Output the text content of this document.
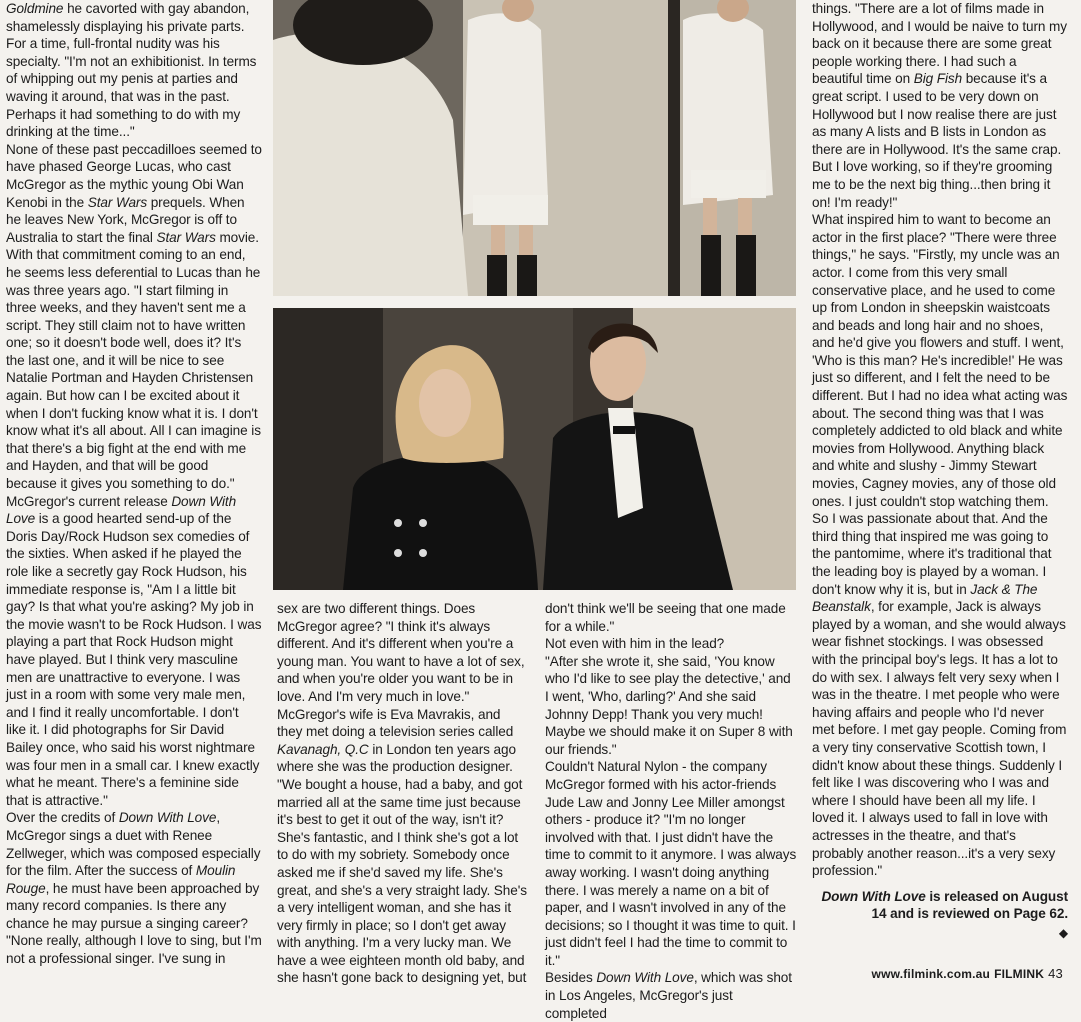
Goldmine he cavorted with gay abandon, shamelessly displaying his private parts. For a time, full-frontal nudity was his specialty. "I'm not an exhibitionist. In terms of whipping out my penis at parties and waving it around, that was in the past. Perhaps it had something to do with my drinking at the time..."

None of these past peccadilloes seemed to have phased George Lucas, who cast McGregor as the mythic young Obi Wan Kenobi in the Star Wars prequels. When he leaves New York, McGregor is off to Australia to start the final Star Wars movie. With that commitment coming to an end, he seems less deferential to Lucas than he was three years ago. "I start filming in three weeks, and they haven't sent me a script. They still claim not to have written one; so it doesn't bode well, does it? It's the last one, and it will be nice to see Natalie Portman and Hayden Christensen again. But how can I be excited about it when I don't fucking know what it is. I don't know what it's all about. All I can imagine is that there's a big fight at the end with me and Hayden, and that will be good because it gives you something to do."

McGregor's current release Down With Love is a good hearted send-up of the Doris Day/Rock Hudson sex comedies of the sixties. When asked if he played the role like a secretly gay Rock Hudson, his immediate response is, "Am I a little bit gay? Is that what you're asking? My job in the movie wasn't to be Rock Hudson. I was playing a part that Rock Hudson might have played. But I think very masculine men are unattractive to everyone. I was just in a room with some very male men, and I find it really uncomfortable. I don't like it. I did photographs for Sir David Bailey once, who said his worst nightmare was four men in a small car. I knew exactly what he meant. There's a feminine side that is attractive."

Over the credits of Down With Love, McGregor sings a duet with Renee Zellweger, which was composed especially for the film. After the success of Moulin Rouge, he must have been approached by many record companies. Is there any chance he may pursue a singing career? "None really, although I love to sing, but I'm not a professional singer. I've sung in

sex are two different things. Does McGregor agree? "I think it's always different. And it's different when you're a young man. You want to have a lot of sex, and when you're older you want to be in love. And I'm very much in love."

McGregor's wife is Eva Mavrakis, and they met doing a television series called Kavanagh, Q.C in London ten years ago where she was the production designer. "We bought a house, had a baby, and got married all at the same time just because it's best to get it out of the way, isn't it? She's fantastic, and I think she's got a lot to do with my sobriety. Somebody once asked me if she'd saved my life. She's great, and she's a very straight lady. She's a very intelligent woman, and she has it very firmly in place; so I don't get away with anything. I'm a very lucky man. We have a wee eighteen month old baby, and she hasn't gone back to designing yet, but

don't think we'll be seeing that one made for a while."

Not even with him in the lead?

"After she wrote it, she said, 'You know who I'd like to see play the detective,' and I went, 'Who, darling?' And she said Johnny Depp! Thank you very much! Maybe we should make it on Super 8 with our friends."

Couldn't Natural Nylon - the company McGregor formed with his actor-friends Jude Law and Jonny Lee Miller amongst others - produce it? "I'm no longer involved with that. I just didn't have the time to commit to it anymore. I was always away working. I wasn't doing anything there. I was merely a name on a bit of paper, and I wasn't involved in any of the decisions; so I thought it was time to quit. I just didn't feel I had the time to commit to it."

Besides Down With Love, which was shot in Los Angeles, McGregor's just completed

things. "There are a lot of films made in Hollywood, and I would be naive to turn my back on it because there are some great people working there. I had such a beautiful time on Big Fish because it's a great script. I used to be very down on Hollywood but I now realise there are just as many A lists and B lists in London as there are in Hollywood. It's the same crap. But I love working, so if they're grooming me to be the next big thing...then bring it on! I'm ready!"

What inspired him to want to become an actor in the first place? "There were three things," he says. "Firstly, my uncle was an actor. I come from this very small conservative place, and he used to come up from London in sheepskin waistcoats and beads and long hair and no shoes, and he'd give you flowers and stuff. I went, 'Who is this man? He's incredible!' He was just so different, and I felt the need to be different. But I had no idea what acting was about. The second thing was that I was completely addicted to old black and white movies from Hollywood. Anything black and white and slushy - Jimmy Stewart movies, Cagney movies, any of those old ones. I just couldn't stop watching them. So I was passionate about that. And the third thing that inspired me was going to the pantomime, where it's traditional that the leading boy is played by a woman. I don't know why it is, but in Jack & The Beanstalk, for example, Jack is always played by a woman, and she would always wear fishnet stockings. I was obsessed with the principal boy's legs. It has a lot to do with sex. I always felt very sexy when I was in the theatre. I met people who were having affairs and people who I'd never met before. I met gay people. Coming from a very tiny conservative Scottish town, I didn't know about these things. Suddenly I felt like I was discovering who I was and where I should have been all my life. I loved it. I always used to fall in love with actresses in the theatre, and that's probably another reason...it's a very sexy profession."

Down With Love is released on August 14 and is reviewed on Page 62.
◆
www.filmink.com.au FILMINK 43
